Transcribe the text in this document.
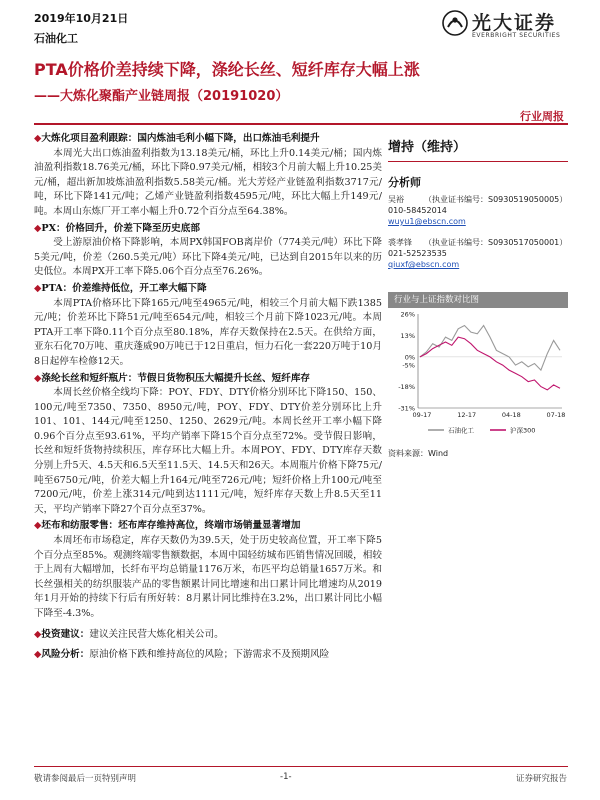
2019年10月21日
石油化工
光大证券
EVERBRIGHT SECURITIES
PTA价格价差持续下降，涤纶长丝、短纤库存大幅上涨
——大炼化聚酯产业链周报（20191020）
行业周报
◆大炼化项目盈利跟踪：国内炼油毛利小幅下降，出口炼油毛利提升
本周光大出口炼油盈利指数为13.18美元/桶，环比上升0.14美元/桶；国内炼油盈利指数18.76美元/桶，环比下降0.97美元/桶，相较3个月前大幅上升10.25美元/桶，超出新加坡炼油盈利指数5.58美元/桶。光大芳烃产业链盈利指数3717元/吨，环比下降141元/吨；乙烯产业链盈利指数4595元/吨，环比大幅上升149元/吨。本周山东炼厂开工率小幅上升0.72个百分点至64.38%。
◆PX：价格回升，价差下降至历史底部
受上游原油价格下降影响，本周PX韩国FOB离岸价（774美元/吨）环比下降5美元/吨，价差（260.5美元/吨）环比下降4美元/吨，已达到自2015年以来的历史低位。本周PX开工率下降5.06个百分点至76.26%。
◆PTA：价差维持低位，开工率大幅下降
本周PTA价格环比下降165元/吨至4965元/吨，相较三个月前大幅下跌1385元/吨；价差环比下降51元/吨至654元/吨，相较三个月前下降1023元/吨。本周PTA开工率下降0.11个百分点至80.18%，库存天数保持在2.5天。在供给方面，亚东石化70万吨、重庆蓬威90万吨已于12日重启，恒力石化一套220万吨于10月8日起停车检修12天。
◆涤纶长丝和短纤瓶片：节假日货物积压大幅提升长丝、短纤库存
本周长丝价格全线均下降：POY、FDY、DTY价格分别环比下降150、150、100元/吨至7350、7350、8950元/吨，POY、FDY、DTY价差分别环比上升101、101、144元/吨至1250、1250、2629元/吨。本周长丝开工率小幅下降0.96个百分点至93.61%，平均产销率下降15个百分点至72%。受节假日影响，长丝和短纤货物持续积压，库存环比大幅上升。本周POY、FDY、DTY库存天数分别上升5天、4.5天和6.5天至11.5天、14.5天和26天。本周瓶片价格下降75元/吨至6750元/吨，价差大幅上升164元/吨至726元/吨；短纤价格上升100元/吨至7200元/吨，价差上涨314元/吨到达1111元/吨，短纤库存天数上升8.5天至11天，平均产销率下降27个百分点至37%。
◆坯布和纺服零售：坯布库存维持高位，终端市场销量显著增加
本周坯布市场稳定，库存天数仍为39.5天，处于历史较高位置，开工率下降5个百分点至85%。观测终端零售额数据，本周中国轻纺城布匹销售情况回暖，相较于上周有大幅增加，长纤布平均总销量1176万米，布匹平均总销量1657万米。和长丝强相关的纺织服装产品的零售额累计同比增速和出口累计同比增速均从2019年1月开始的持续下行后有所好转：8月累计同比维持在3.2%，出口累计同比小幅下降至-4.3%。
◆投资建议：建议关注民营大炼化相关公司。
◆风险分析：原油价格下跌和维持高位的风险；下游需求不及预期风险
增持（维持）
分析师
吴裕	（执业证书编号：S0930519050005）
010-58452014
wuyu1@ebscn.com
裘孝锋 （执业证书编号：S0930517050001）
021-52523535
qiuxf@ebscn.com
行业与上证指数对比图
26%
13%
0%
-5%
-18%
-31%
09-17	12-17	04-18	07-18
石油化工	沪深300
资料来源：Wind
敬请参阅最后一页特别声明	-1-	证券研究报告
